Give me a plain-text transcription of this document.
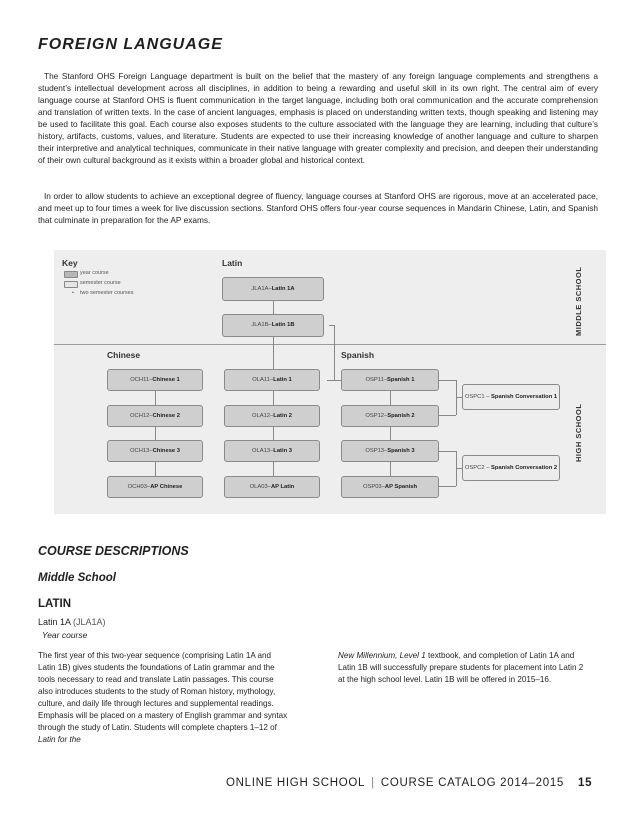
FOREIGN LANGUAGE
The Stanford OHS Foreign Language department is built on the belief that the mastery of any foreign language complements and strengthens a student’s intellectual development across all disciplines, in addition to being a rewarding and useful skill in its own right. The central aim of every language course at Stanford OHS is fluent communication in the target language, including both oral communication and the accurate comprehension and translation of written texts. In the case of ancient languages, emphasis is placed on understanding written texts, though speaking and listening may be used to facilitate this goal. Each course also exposes students to the culture associated with the language they are learning, including that culture’s history, artifacts, customs, values, and literature. Students are expected to use their increasing knowledge of another language and culture to sharpen their interpretive and analytical techniques, communicate in their native language with greater complexity and precision, and deepen their understanding of their own cultural background as it exists within a broader global and historical context.
In order to allow students to achieve an exceptional degree of fluency, language courses at Stanford OHS are rigorous, move at an accelerated pace, and meet up to four times a week for live discussion sections. Stanford OHS offers four-year course sequences in Mandarin Chinese, Latin, and Spanish that culminate in preparation for the AP exams.
Key
year course
semester course
• two semester courses
Latin
Chinese	Spanish
MIDDLE SCHOOL
HIGH SCHOOL
JLA1A – Latin 1A
JLA1B – Latin 1B
OCH11 – Chinese 1
OCH12 – Chinese 2
OCH13 – Chinese 3
OCH03 – AP Chinese
OLA11 – Latin 1
OLA12 – Latin 2
OLA13 – Latin 3
OLA03 – AP Latin
OSP11 – Spanish 1
OSP12 – Spanish 2
OSP13 – Spanish 3
OSP03 – AP Spanish
OSPC1 – Spanish Conversation 1
OSPC2 – Spanish Conversation 2
COURSE DESCRIPTIONS
Middle School
LATIN
Latin 1A (JLA1A)
Year course
The first year of this two-year sequence (comprising Latin 1A and Latin 1B) gives students the foundations of Latin grammar and the tools necessary to read and translate Latin passages. This course also introduces students to the study of Roman history, mythology, culture, and daily life through lectures and supplemental readings. Emphasis will be placed on a mastery of English grammar and syntax through the study of Latin. Students will complete chapters 1–12 of Latin for the
New Millennium, Level 1 textbook, and completion of Latin 1A and Latin 1B will successfully prepare students for placement into Latin 2 at the high school level. Latin 1B will be offered in 2015–16.
ONLINE HIGH SCHOOL | COURSE CATALOG 2014–2015 15
